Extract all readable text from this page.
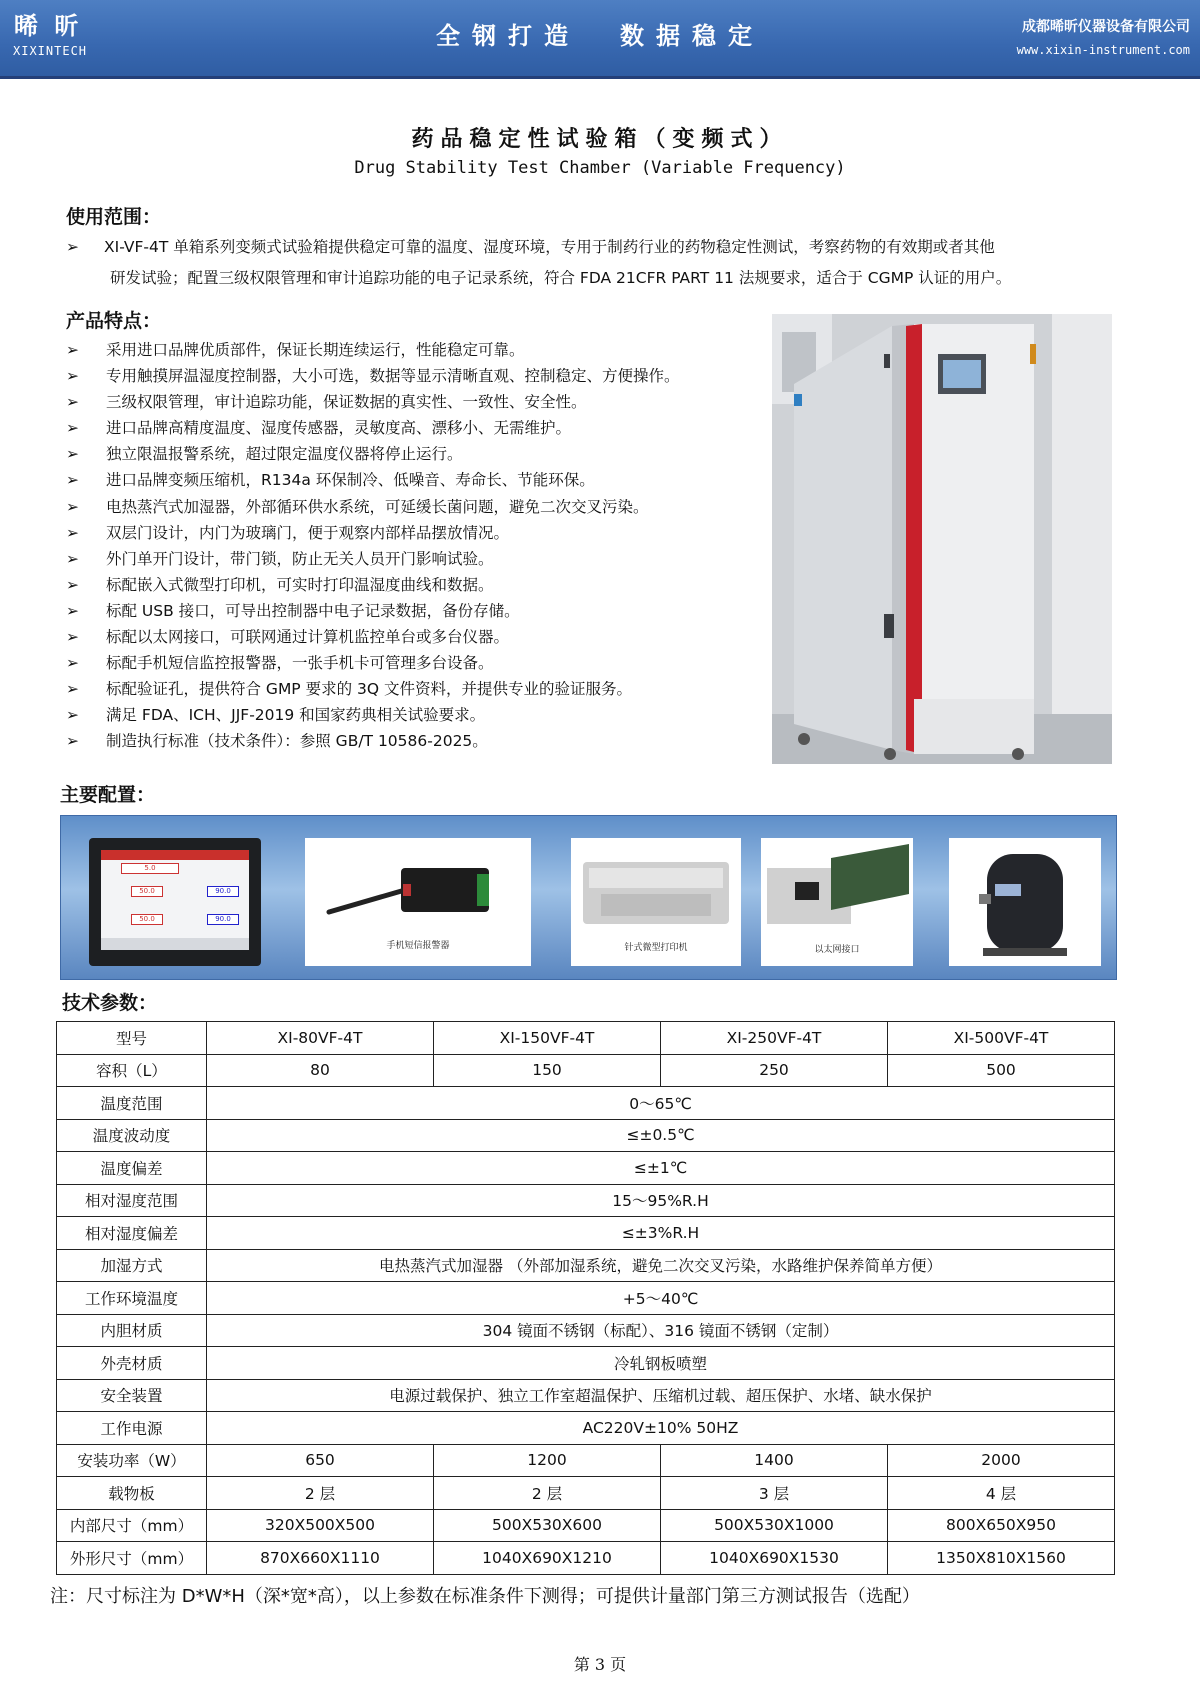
晞 昕
XIXINTECH
全钢打造 数据稳定	成都晞昕仪器设备有限公司
www.xixin-instrument.com
药品稳定性试验箱（变频式）
Drug Stability Test Chamber (Variable Frequency)
使用范围：
➢	XI-VF-4T 单箱系列变频式试验箱提供稳定可靠的温度、湿度环境，专用于制药行业的药物稳定性测试，考察药物的有效期或者其他
研发试验；配置三级权限管理和审计追踪功能的电子记录系统，符合 FDA 21CFR PART 11 法规要求，适合于 CGMP 认证的用户。
产品特点：
➢ 采用进口品牌优质部件，保证长期连续运行，性能稳定可靠。
➢ 专用触摸屏温湿度控制器，大小可选，数据等显示清晰直观、控制稳定、方便操作。
➢ 三级权限管理，审计追踪功能，保证数据的真实性、一致性、安全性。
➢ 进口品牌高精度温度、湿度传感器，灵敏度高、漂移小、无需维护。
➢ 独立限温报警系统，超过限定温度仪器将停止运行。
➢ 进口品牌变频压缩机，R134a 环保制冷、低噪音、寿命长、节能环保。
➢ 电热蒸汽式加湿器，外部循环供水系统，可延缓长菌问题，避免二次交叉污染。
➢ 双层门设计，内门为玻璃门，便于观察内部样品摆放情况。
➢ 外门单开门设计，带门锁，防止无关人员开门影响试验。
➢ 标配嵌入式微型打印机，可实时打印温湿度曲线和数据。
➢ 标配 USB 接口，可导出控制器中电子记录数据，备份存储。
➢ 标配以太网接口，可联网通过计算机监控单台或多台仪器。
➢ 标配手机短信监控报警器，一张手机卡可管理多台设备。
➢ 标配验证孔，提供符合 GMP 要求的 3Q 文件资料，并提供专业的验证服务。
➢ 满足 FDA、ICH、JJF-2019 和国家药典相关试验要求。
➢ 制造执行标准（技术条件）：参照 GB/T 10586-2025。
主要配置：
5.0
50.0	90.0
50.0	90.0
手机短信报警器	针式微型打印机	以太网接口
技术参数：
型号	XI-80VF-4T	XI-150VF-4T	XI-250VF-4T	XI-500VF-4T
容积（L）	80	150	250	500
温度范围	0～65℃			
温度波动度	≤±0.5℃			
温度偏差	≤±1℃			
相对湿度范围	15～95%R.H			
相对湿度偏差	≤±3%R.H			
加湿方式	电热蒸汽式加湿器 （外部加湿系统，避免二次交叉污染，水路维护保养简单方便）			
工作环境温度	+5～40℃			
内胆材质	304 镜面不锈钢（标配）、316 镜面不锈钢（定制）			
外壳材质	冷轧钢板喷塑			
安全装置	电源过载保护、独立工作室超温保护、压缩机过载、超压保护、水堵、缺水保护			
工作电源	AC220V±10% 50HZ			
安装功率（W）	650	1200	1400	2000
载物板	2 层	2 层	3 层	4 层
内部尺寸（mm）	320X500X500	500X530X600	500X530X1000	800X650X950
外形尺寸（mm）	870X660X1110	1040X690X1210	1040X690X1530	1350X810X1560
注：尺寸标注为 D*W*H（深*宽*高），以上参数在标准条件下测得；可提供计量部门第三方测试报告（选配）
第 3 页
